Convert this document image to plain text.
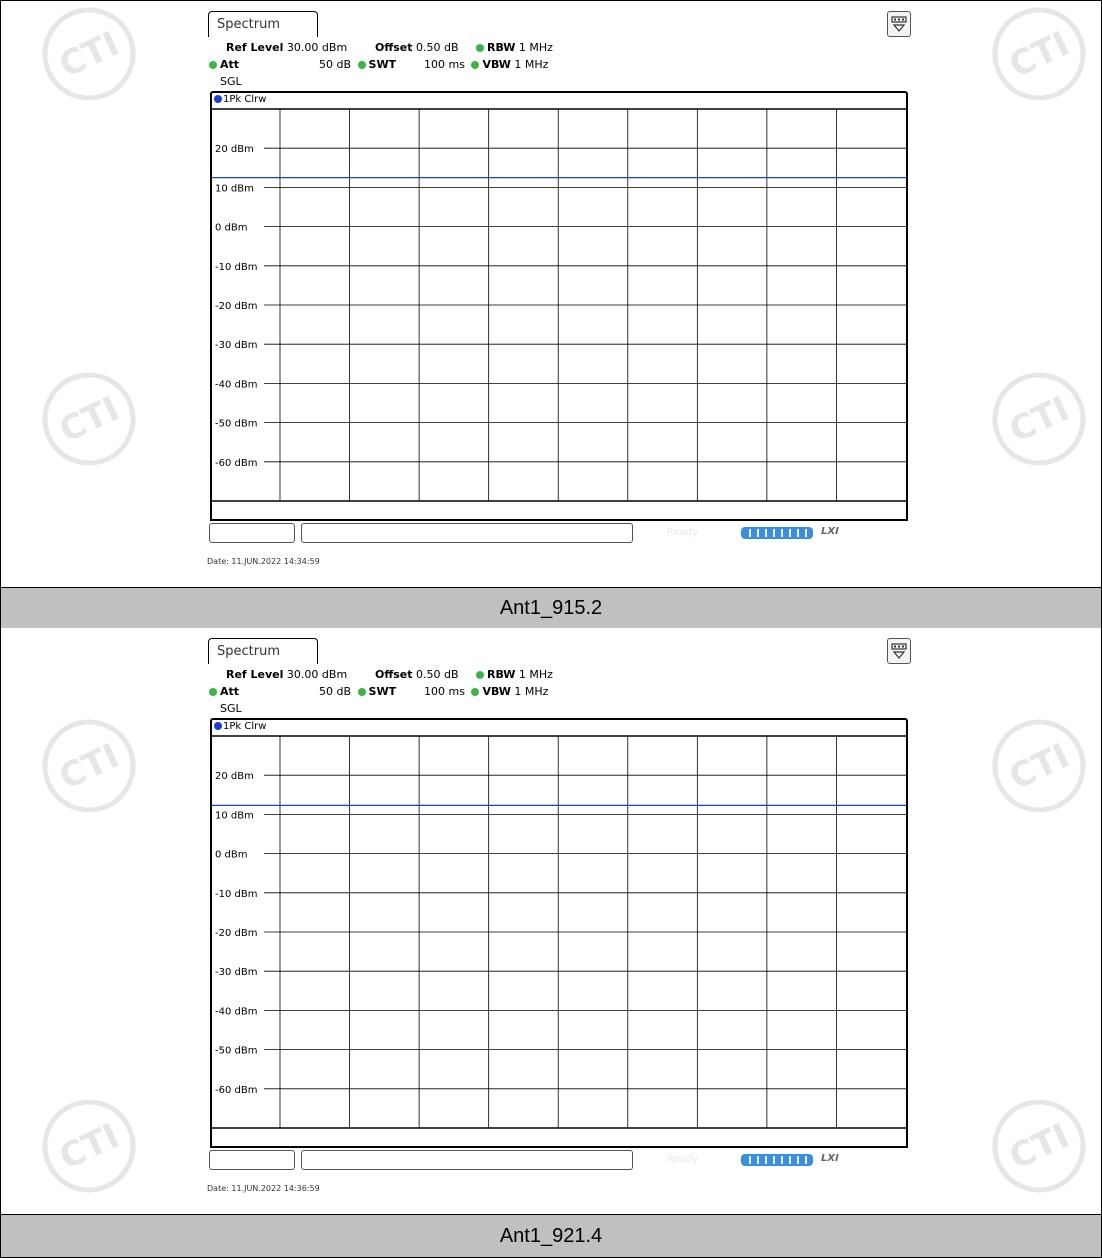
CTI	CTI
CTI	CTI
Spectrum
Ref Level 30.00 dBm	Offset 0.50 dB	RBW 1 MHz
Att	50 dB SWT	100 ms VBW 1 MHz
SGL
1Pk Clrw
20 dBm
10 dBm
0 dBm
-10 dBm
-20 dBm
-30 dBm
-40 dBm
-50 dBm
-60 dBm
Ready	LXI
Date: 11.JUN.2022 14:34:59
Ant1_915.2
CTI	CTI
CTI	CTI
Spectrum
Ref Level 30.00 dBm	Offset 0.50 dB	RBW 1 MHz
Att	50 dB SWT	100 ms VBW 1 MHz
SGL
1Pk Clrw
20 dBm
10 dBm
0 dBm
-10 dBm
-20 dBm
-30 dBm
-40 dBm
-50 dBm
-60 dBm
Ready	LXI
Date: 11.JUN.2022 14:36:59
Ant1_921.4
